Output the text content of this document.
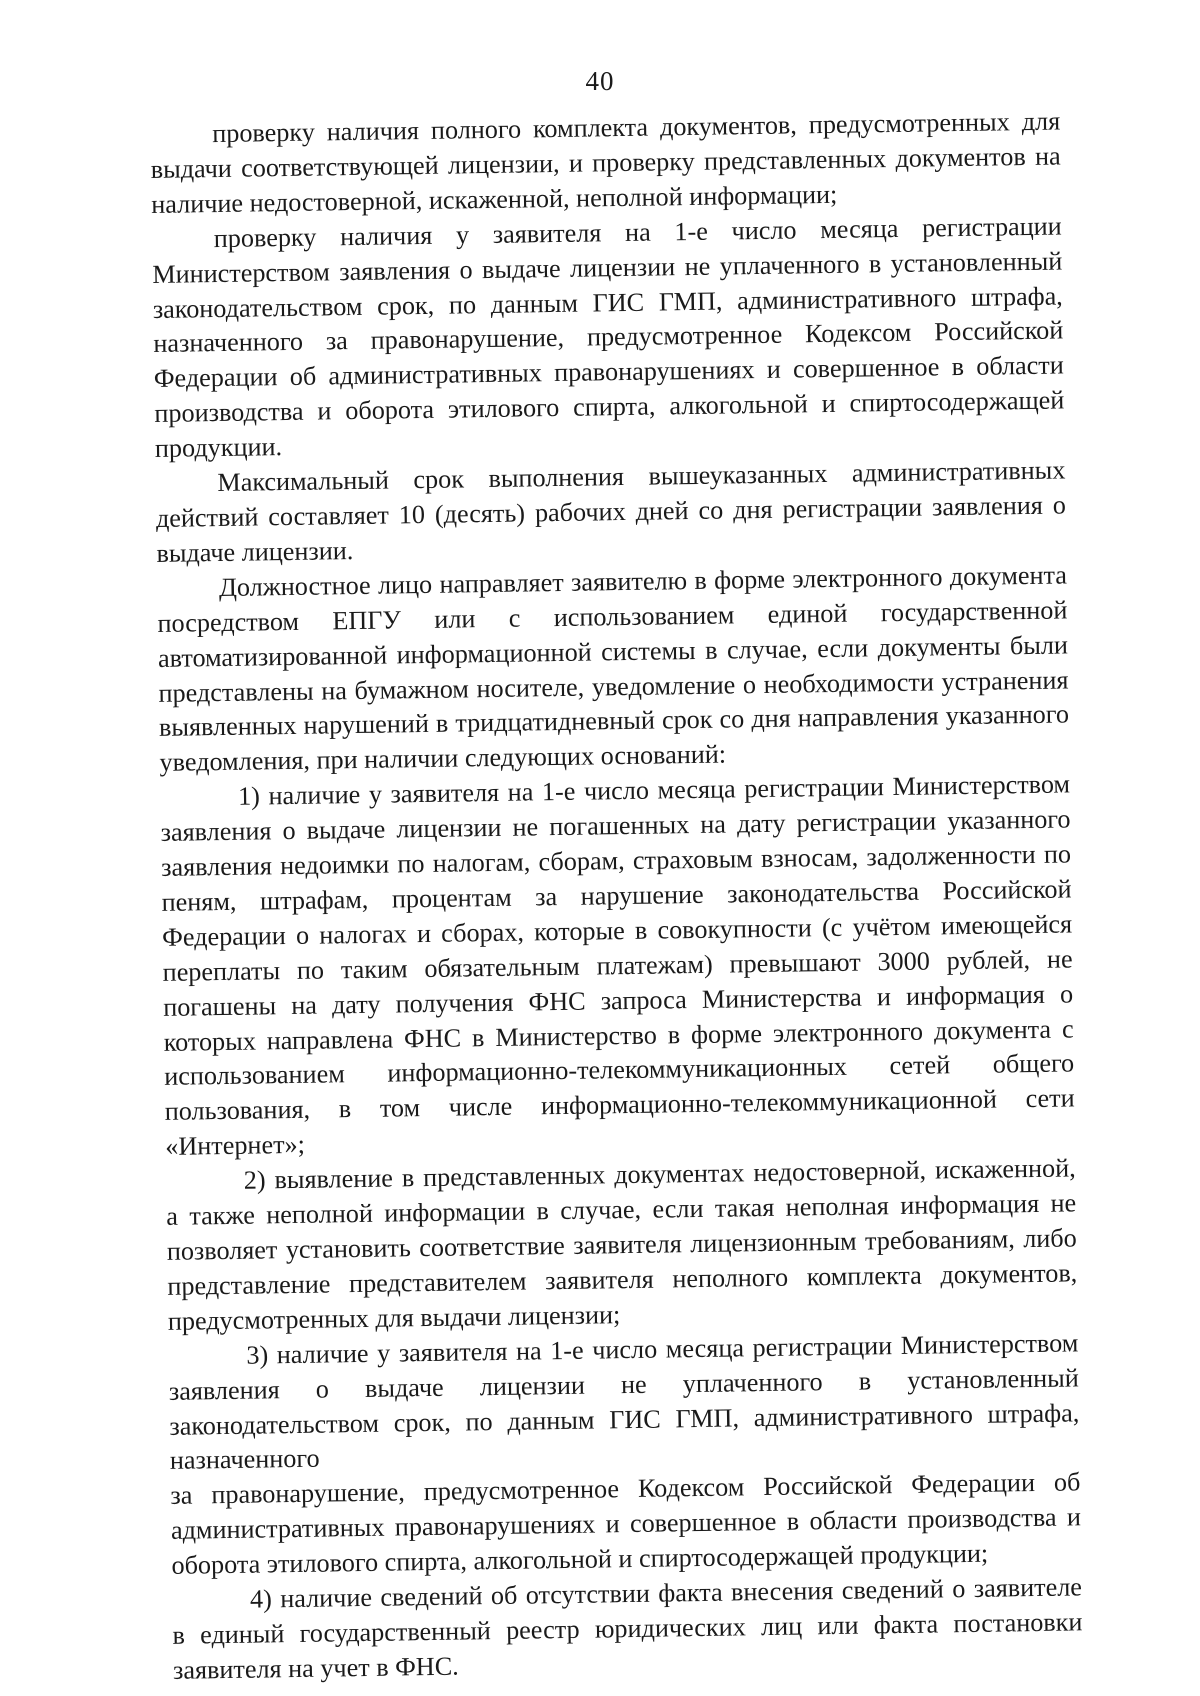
40

проверку наличия полного комплекта документов, предусмотренных для выдачи соответствующей лицензии, и проверку представленных документов на наличие недостоверной, искаженной, неполной информации;

проверку наличия у заявителя на 1-е число месяца регистрации Министерством заявления о выдаче лицензии не уплаченного в установленный законодательством срок, по данным ГИС ГМП, административного штрафа, назначенного за правонарушение, предусмотренное Кодексом Российской Федерации об административных правонарушениях и совершенное в области производства и оборота этилового спирта, алкогольной и спиртосодержащей продукции.

Максимальный срок выполнения вышеуказанных административных действий составляет 10 (десять) рабочих дней со дня регистрации заявления о выдаче лицензии.

Должностное лицо направляет заявителю в форме электронного документа посредством ЕПГУ или с использованием единой государственной автоматизированной информационной системы в случае, если документы были представлены на бумажном носителе, уведомление о необходимости устранения выявленных нарушений в тридцатидневный срок со дня направления указанного уведомления, при наличии следующих оснований:

1) наличие у заявителя на 1-е число месяца регистрации Министерством заявления о выдаче лицензии не погашенных на дату регистрации указанного заявления недоимки по налогам, сборам, страховым взносам, задолженности по пеням, штрафам, процентам за нарушение законодательства Российской Федерации о налогах и сборах, которые в совокупности (с учётом имеющейся переплаты по таким обязательным платежам) превышают 3000 рублей, не погашены на дату получения ФНС запроса Министерства и информация о которых направлена ФНС в Министерство в форме электронного документа с использованием информационно-телекоммуникационных сетей общего пользования, в том числе информационно-телекоммуникационной сети «Интернет»;

2) выявление в представленных документах недостоверной, искаженной, а также неполной информации в случае, если такая неполная информация не позволяет установить соответствие заявителя лицензионным требованиям, либо представление представителем заявителя неполного комплекта документов, предусмотренных для выдачи лицензии;

3) наличие у заявителя на 1-е число месяца регистрации Министерством заявления о выдаче лицензии не уплаченного в установленный законодательством срок, по данным ГИС ГМП, административного штрафа, назначенного

за правонарушение, предусмотренное Кодексом Российской Федерации об административных правонарушениях и совершенное в области производства и оборота этилового спирта, алкогольной и спиртосодержащей продукции;

4) наличие сведений об отсутствии факта внесения сведений о заявителе в единый государственный реестр юридических лиц или факта постановки заявителя на учет в ФНС.
